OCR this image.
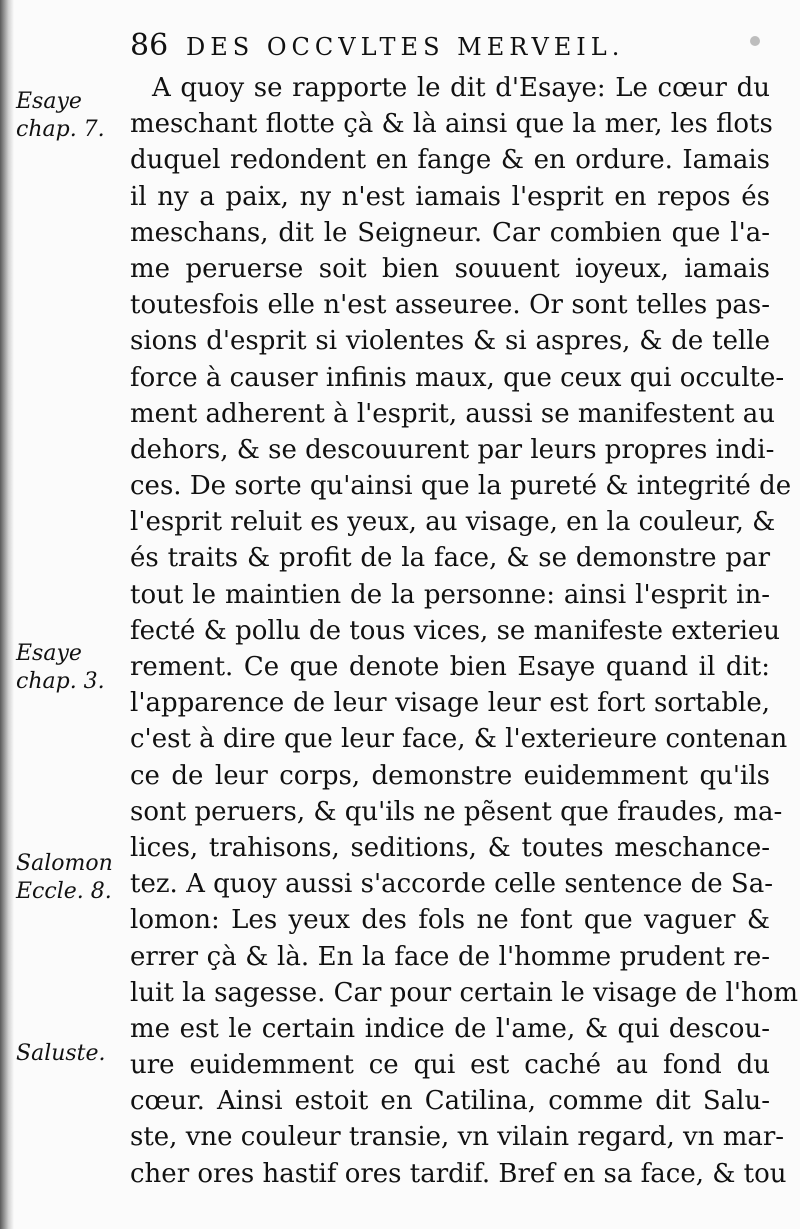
86 DES OCCVLTES MERVEIL.
Esaye chap. 7.
Esaye chap. 3.
Salomon Eccle. 8.
Saluste.
A quoy se rapporte le dit d'Esaye: Le cœur du
meschant flotte çà & là ainsi que la mer, les flots
duquel redondent en fange & en ordure. Iamais
il ny a paix, ny n'est iamais l'esprit en repos és
meschans, dit le Seigneur. Car combien que l'a-
me peruerse soit bien souuent ioyeux, iamais
toutesfois elle n'est asseuree. Or sont telles pas-
sions d'esprit si violentes & si aspres, & de telle
force à causer infinis maux, que ceux qui occulte-
ment adherent à l'esprit, aussi se manifestent au
dehors, & se descouurent par leurs propres indi-
ces. De sorte qu'ainsi que la pureté & integrité de
l'esprit reluit es yeux, au visage, en la couleur, &
és traits & profit de la face, & se demonstre par
tout le maintien de la personne: ainsi l'esprit in-
fecté & pollu de tous vices, se manifeste exterieu
rement. Ce que denote bien Esaye quand il dit:
l'apparence de leur visage leur est fort sortable,
c'est à dire que leur face, & l'exterieure contenan
ce de leur corps, demonstre euidemment qu'ils
sont peruers, & qu'ils ne pẽsent que fraudes, ma-
lices, trahisons, seditions, & toutes meschance-
tez. A quoy aussi s'accorde celle sentence de Sa-
lomon: Les yeux des fols ne font que vaguer &
errer çà & là. En la face de l'homme prudent re-
luit la sagesse. Car pour certain le visage de l'hom
me est le certain indice de l'ame, & qui descou-
ure euidemment ce qui est caché au fond du
cœur. Ainsi estoit en Catilina, comme dit Salu-
ste, vne couleur transie, vn vilain regard, vn mar-
cher ores hastif ores tardif. Bref en sa face, & tou
